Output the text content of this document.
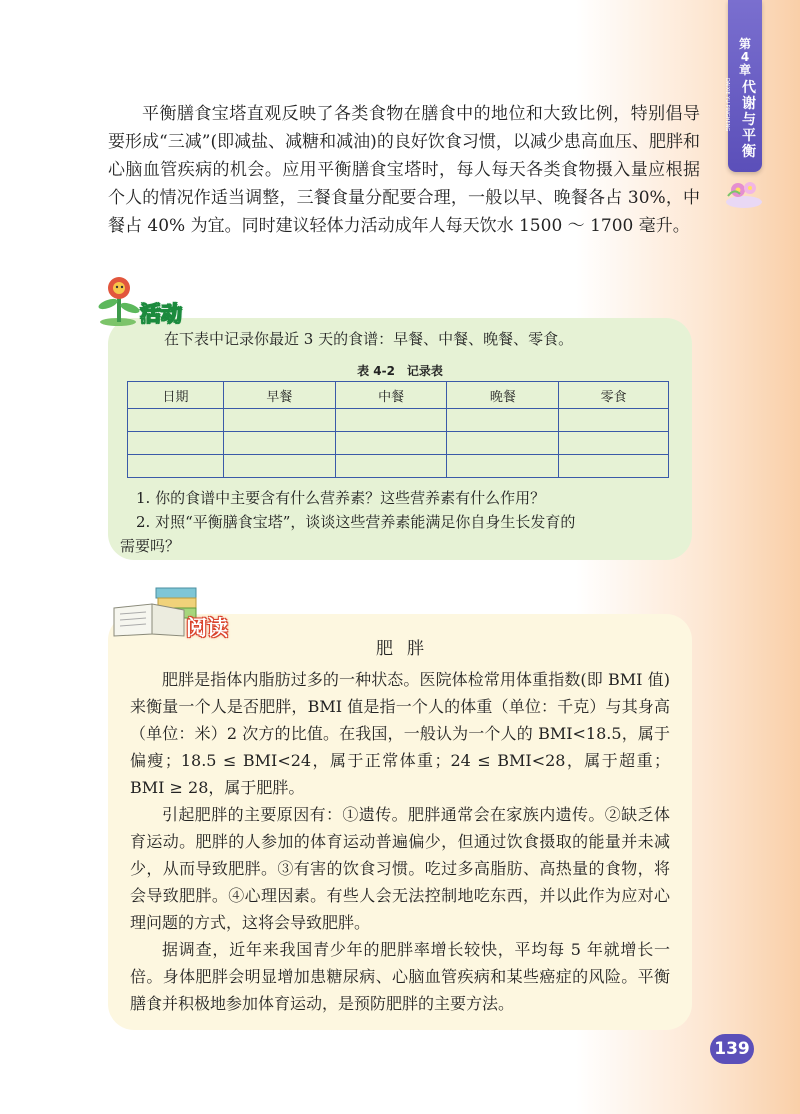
第
4
章
DAIXIE YU PINGHENG 代
谢
与
平
衡
平衡膳食宝塔直观反映了各类食物在膳食中的地位和大致比例，特别倡导要形成“三减”(即减盐、减糖和减油)的良好饮食习惯，以减少患高血压、肥胖和心脑血管疾病的机会。应用平衡膳食宝塔时，每人每天各类食物摄入量应根据个人的情况作适当调整，三餐食量分配要合理，一般以早、晚餐各占 30%，中餐占 40% 为宜。同时建议轻体力活动成年人每天饮水 1500 ～ 1700 毫升。
活动
在下表中记录你最近 3 天的食谱：早餐、中餐、晚餐、零食。
表 4-2　记录表
日期	早餐	中餐	晚餐	零食

1. 你的食谱中主要含有什么营养素？这些营养素有什么作用？
2. 对照“平衡膳食宝塔”，谈谈这些营养素能满足你自身生长发育的
需要吗？
阅读
肥胖
肥胖是指体内脂肪过多的一种状态。医院体检常用体重指数(即 BMI 值)来衡量一个人是否肥胖，BMI 值是指一个人的体重（单位：千克）与其身高（单位：米）2 次方的比值。在我国，一般认为一个人的 BMI<18.5，属于偏瘦；18.5 ≤ BMI<24，属于正常体重；24 ≤ BMI<28，属于超重；BMI ≥ 28，属于肥胖。
引起肥胖的主要原因有：①遗传。肥胖通常会在家族内遗传。②缺乏体育运动。肥胖的人参加的体育运动普遍偏少，但通过饮食摄取的能量并未减少，从而导致肥胖。③有害的饮食习惯。吃过多高脂肪、高热量的食物，将会导致肥胖。④心理因素。有些人会无法控制地吃东西，并以此作为应对心理问题的方式，这将会导致肥胖。
据调查，近年来我国青少年的肥胖率增长较快，平均每 5 年就增长一倍。身体肥胖会明显增加患糖尿病、心脑血管疾病和某些癌症的风险。平衡膳食并积极地参加体育运动，是预防肥胖的主要方法。
139
